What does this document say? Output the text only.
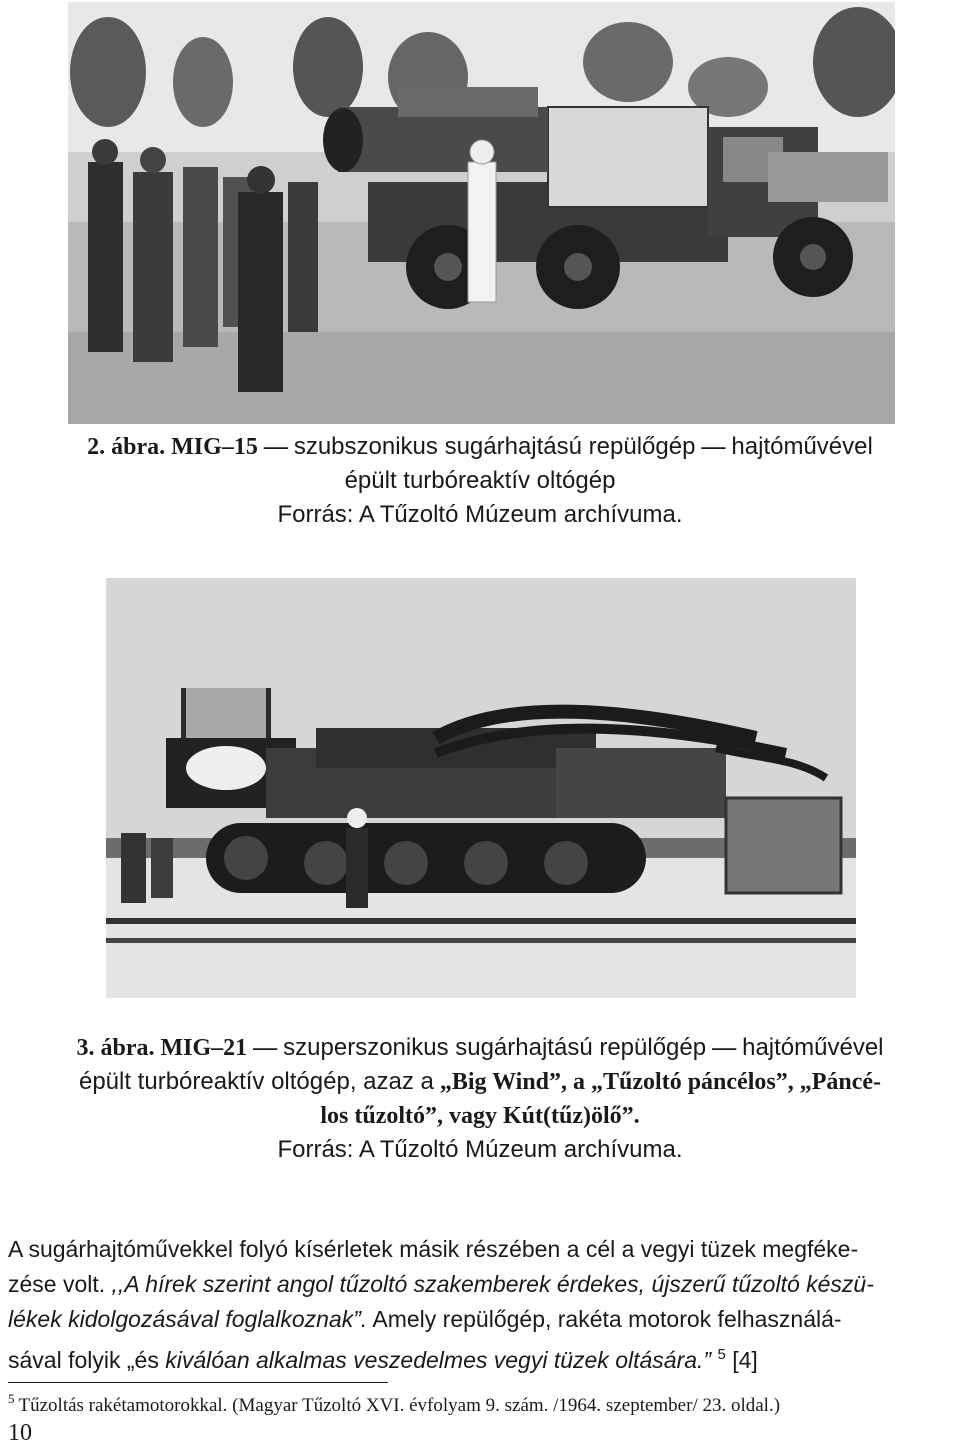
2. ábra. MIG–15 — szubszonikus sugárhajtású repülőgép — hajtóművével
épült turbóreaktív oltógép
Forrás: A Tűzoltó Múzeum archívuma.
3. ábra. MIG–21 — szuperszonikus sugárhajtású repülőgép — hajtóművével
épült turbóreaktív oltógép, azaz a „Big Wind”, a „Tűzoltó páncélos”, „Páncé-
los tűzoltó”, vagy Kút(tűz)ölő”.
Forrás: A Tűzoltó Múzeum archívuma.
A sugárhajtóművekkel folyó kísérletek másik részében a cél a vegyi tüzek megféke-
zése volt. ,,A hírek szerint angol tűzoltó szakemberek érdekes, újszerű tűzoltó készü-
lékek kidolgozásával foglalkoznak”. Amely repülőgép, rakéta motorok felhasználá-
sával folyik „és kiválóan alkalmas veszedelmes vegyi tüzek oltására.” $^5$ [4]
$^5$ Tűzoltás rakétamotorokkal. (Magyar Tűzoltó XVI. évfolyam 9. szám. /1964. szeptember/ 23. oldal.)
10
